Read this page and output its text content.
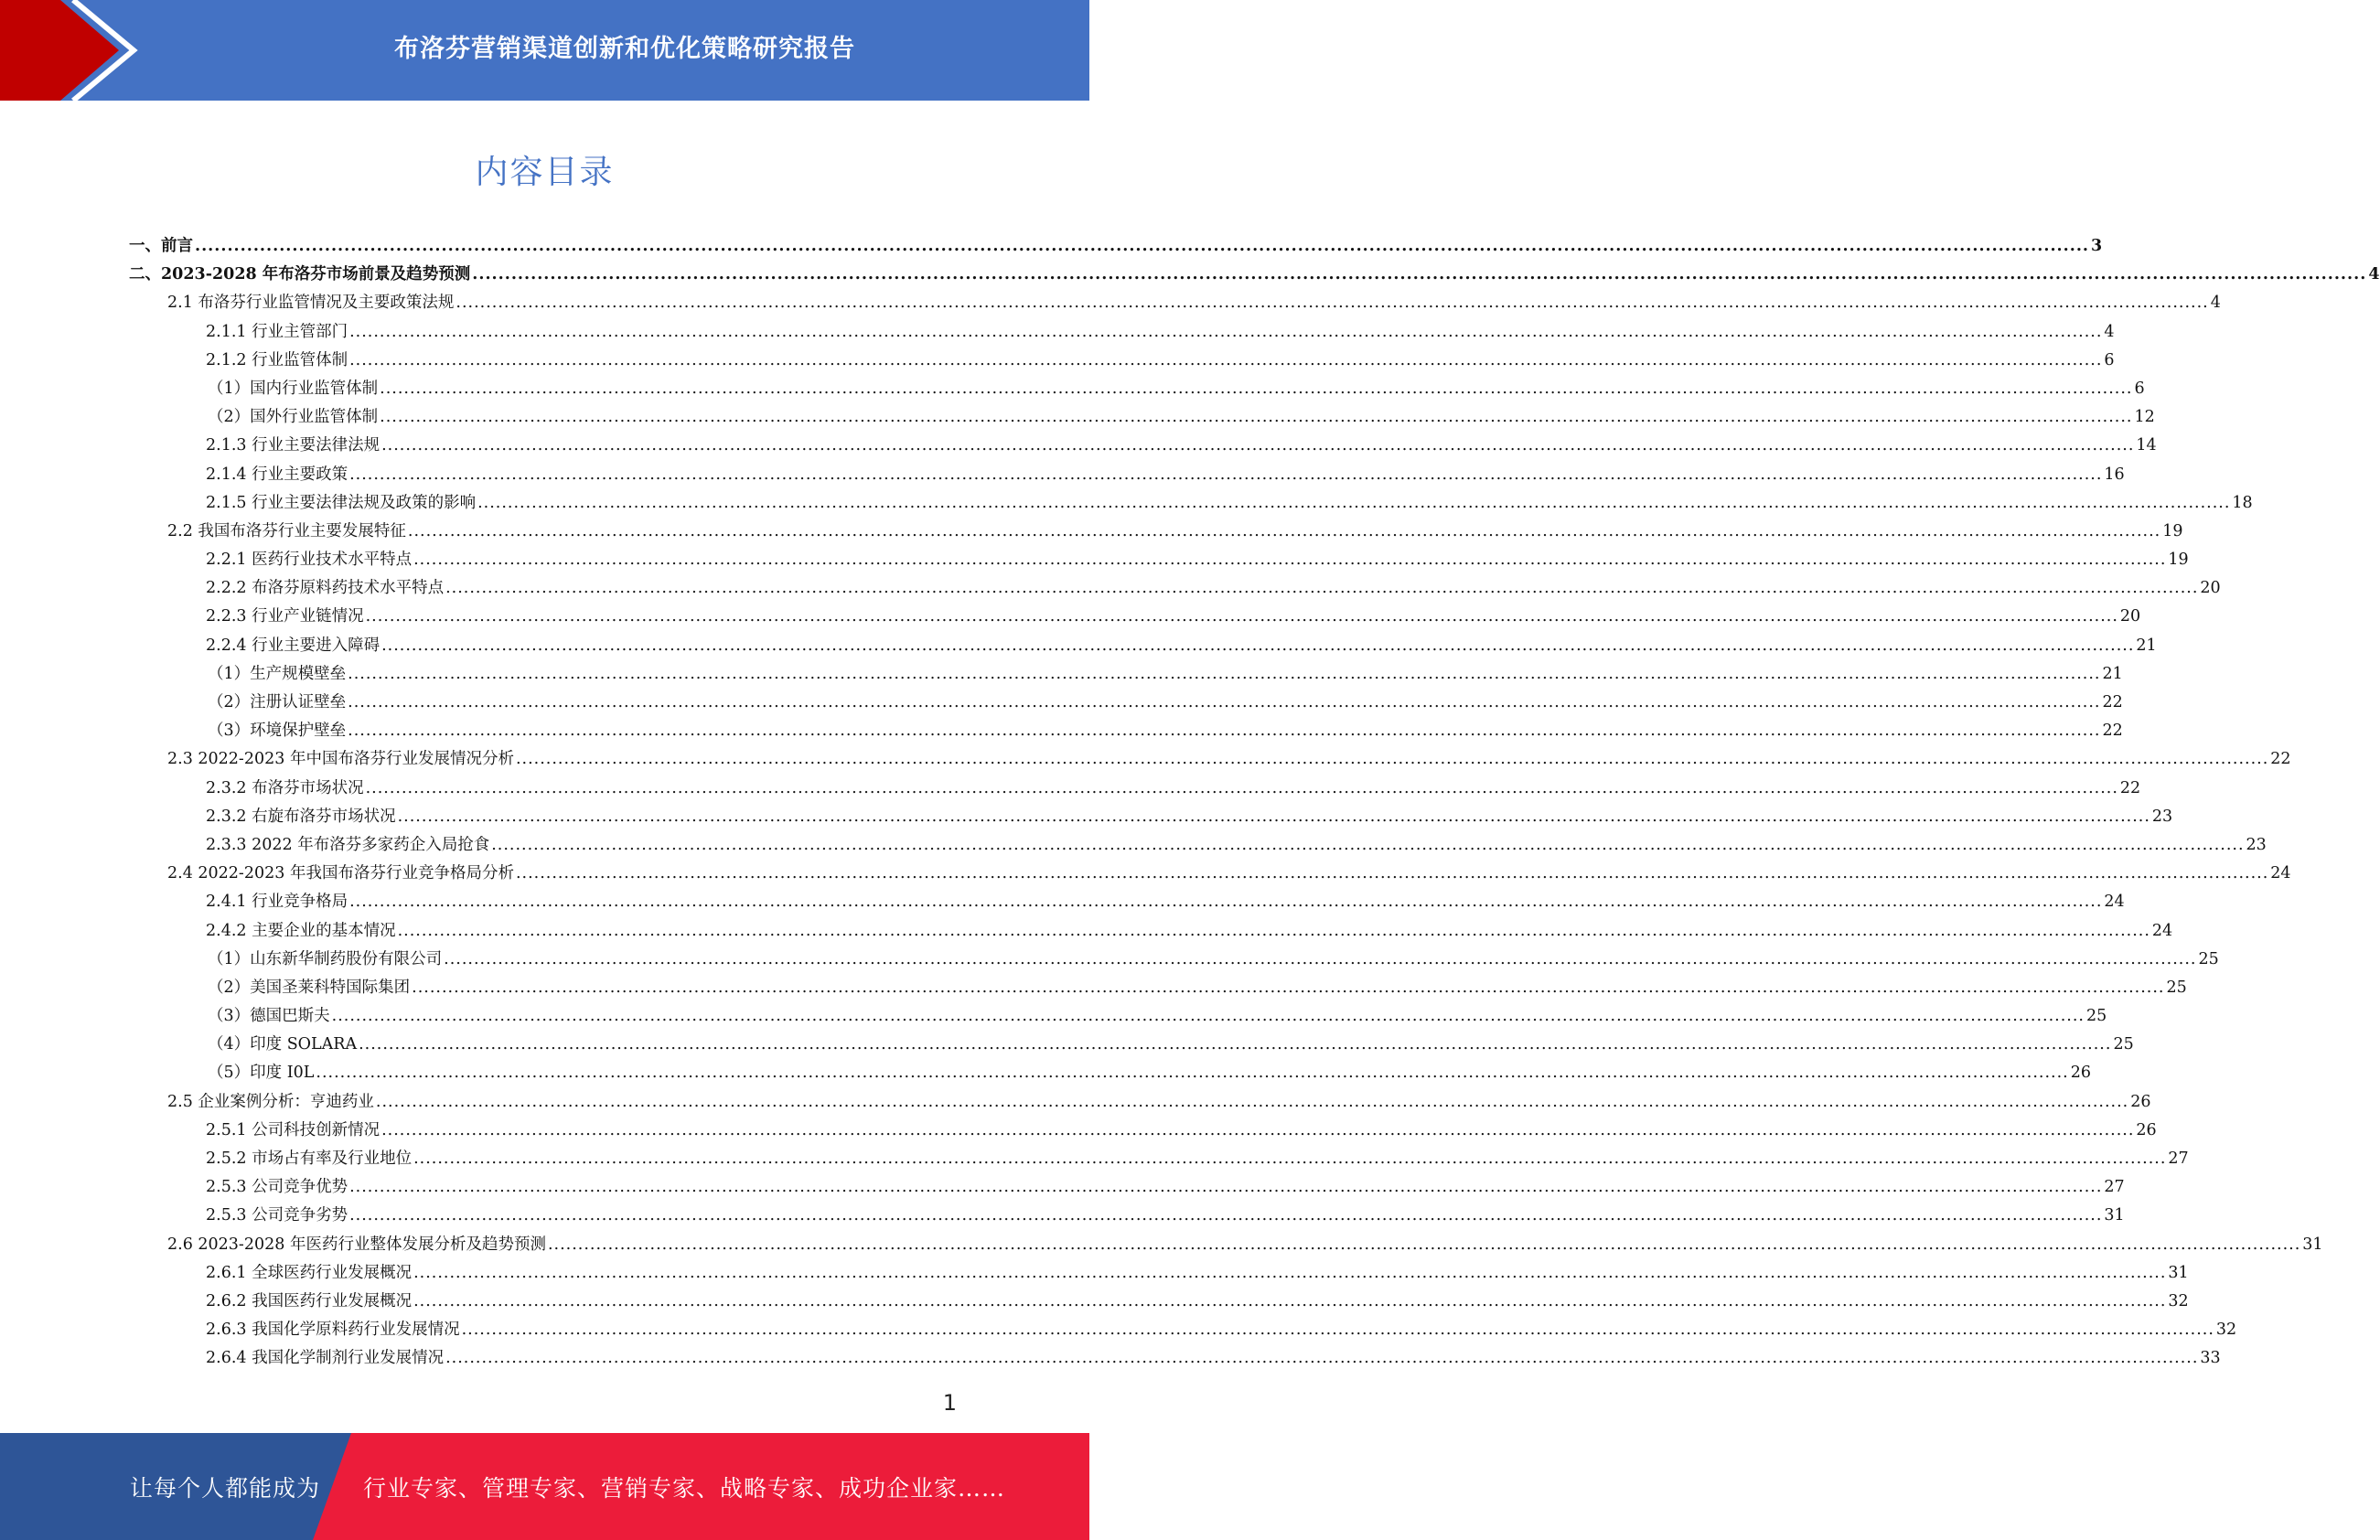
布洛芬营销渠道创新和优化策略研究报告
内容目录
一、前言 .....	3
二、2023-2028 年布洛芬市场前景及趋势预测 .....	4
2.1 布洛芬行业监管情况及主要政策法规 .....	4
2.1.1 行业主管部门 .....	4
2.1.2 行业监管体制 .....	6
（1）国内行业监管体制 .....	6
（2）国外行业监管体制 .....	12
2.1.3 行业主要法律法规 .....	14
2.1.4 行业主要政策 .....	16
2.1.5 行业主要法律法规及政策的影响 .....	18
2.2 我国布洛芬行业主要发展特征 .....	19
2.2.1 医药行业技术水平特点 .....	19
2.2.2 布洛芬原料药技术水平特点 .....	20
2.2.3 行业产业链情况 .....	20
2.2.4 行业主要进入障碍 .....	21
（1）生产规模壁垒 .....	21
（2）注册认证壁垒 .....	22
（3）环境保护壁垒 .....	22
2.3 2022-2023 年中国布洛芬行业发展情况分析 .....	22
2.3.2 布洛芬市场状况 .....	22
2.3.2 右旋布洛芬市场状况 .....	23
2.3.3 2022 年布洛芬多家药企入局抢食 .....	23
2.4 2022-2023 年我国布洛芬行业竞争格局分析 .....	24
2.4.1 行业竞争格局 .....	24
2.4.2 主要企业的基本情况 .....	24
（1）山东新华制药股份有限公司 .....	25
（2）美国圣莱科特国际集团 .....	25
（3）德国巴斯夫 .....	25
（4）印度 SOLARA .....	25
（5）印度 I0L .....	26
2.5 企业案例分析：亨迪药业 .....	26
2.5.1 公司科技创新情况 .....	26
2.5.2 市场占有率及行业地位 .....	27
2.5.3 公司竞争优势 .....	27
2.5.3 公司竞争劣势 .....	31
2.6 2023-2028 年医药行业整体发展分析及趋势预测 .....	31
2.6.1 全球医药行业发展概况 .....	31
2.6.2 我国医药行业发展概况 .....	32
2.6.3 我国化学原料药行业发展情况 .....	32
2.6.4 我国化学制剂行业发展情况 .....	33
1
让每个人都能成为 行业专家、管理专家、营销专家、战略专家、成功企业家……
